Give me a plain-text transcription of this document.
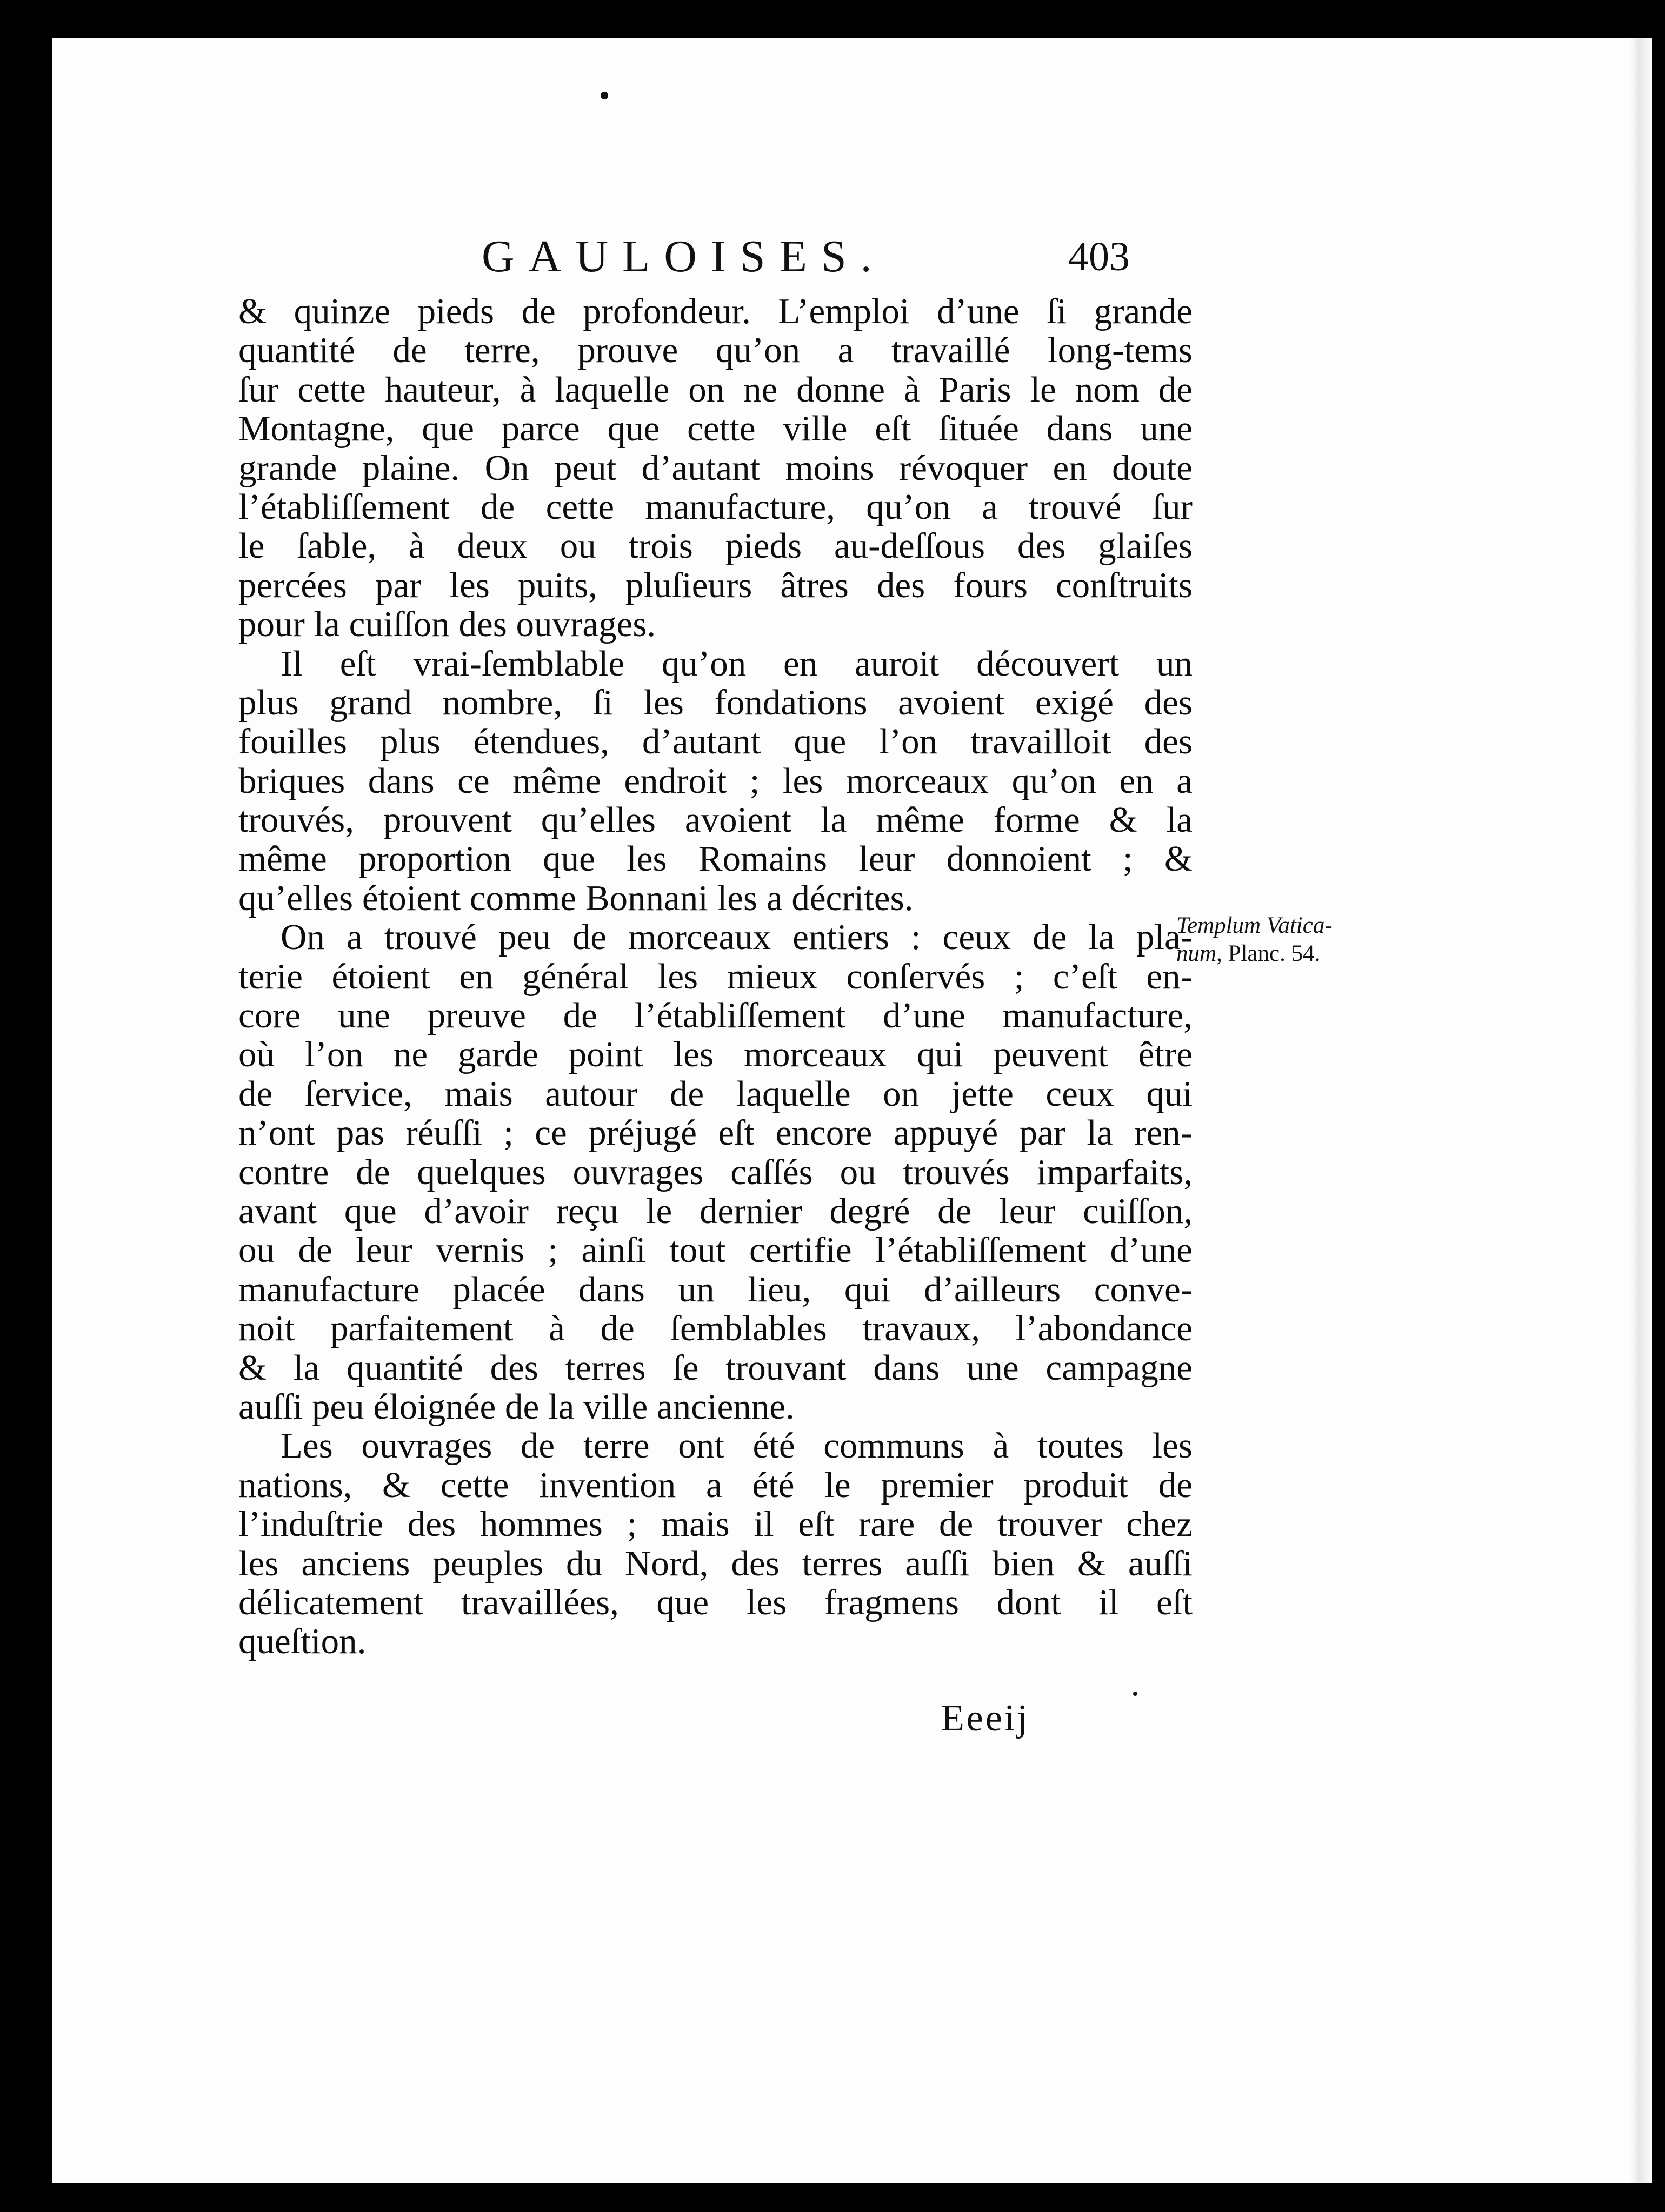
GAULOISES.	403
& quinze pieds de profondeur. L’emploi d’une ſi grande
quantité de terre, prouve qu’on a travaillé long-tems
ſur cette hauteur, à laquelle on ne donne à Paris le nom de
Montagne, que parce que cette ville eſt ſituée dans une
grande plaine. On peut d’autant moins révoquer en doute
l’établiſſement de cette manufacture, qu’on a trouvé ſur
le ſable, à deux ou trois pieds au-deſſous des glaiſes
percées par les puits, pluſieurs âtres des fours conſtruits
pour la cuiſſon des ouvrages.
Il eſt vrai-ſemblable qu’on en auroit découvert un
plus grand nombre, ſi les fondations avoient exigé des
fouilles plus étendues, d’autant que l’on travailloit des
briques dans ce même endroit ; les morceaux qu’on en a
trouvés, prouvent qu’elles avoient la même forme & la
même proportion que les Romains leur donnoient ; &
qu’elles étoient comme Bonnani les a décrites.
On a trouvé peu de morceaux entiers : ceux de la pla-
terie étoient en général les mieux conſervés ; c’eſt en-
core une preuve de l’établiſſement d’une manufacture,
où l’on ne garde point les morceaux qui peuvent être
de ſervice, mais autour de laquelle on jette ceux qui
n’ont pas réuſſi ; ce préjugé eſt encore appuyé par la ren-
contre de quelques ouvrages caſſés ou trouvés imparfaits,
avant que d’avoir reçu le dernier degré de leur cuiſſon,
ou de leur vernis ; ainſi tout certifie l’établiſſement d’une
manufacture placée dans un lieu, qui d’ailleurs conve-
noit parfaitement à de ſemblables travaux, l’abondance
& la quantité des terres ſe trouvant dans une campagne
auſſi peu éloignée de la ville ancienne.
Les ouvrages de terre ont été communs à toutes les
nations, & cette invention a été le premier produit de
l’induſtrie des hommes ; mais il eſt rare de trouver chez
les anciens peuples du Nord, des terres auſſi bien & auſſi
délicatement travaillées, que les fragmens dont il eſt
queſtion.
Templum Vatica-
num, Planc. 54.
Eeeij
